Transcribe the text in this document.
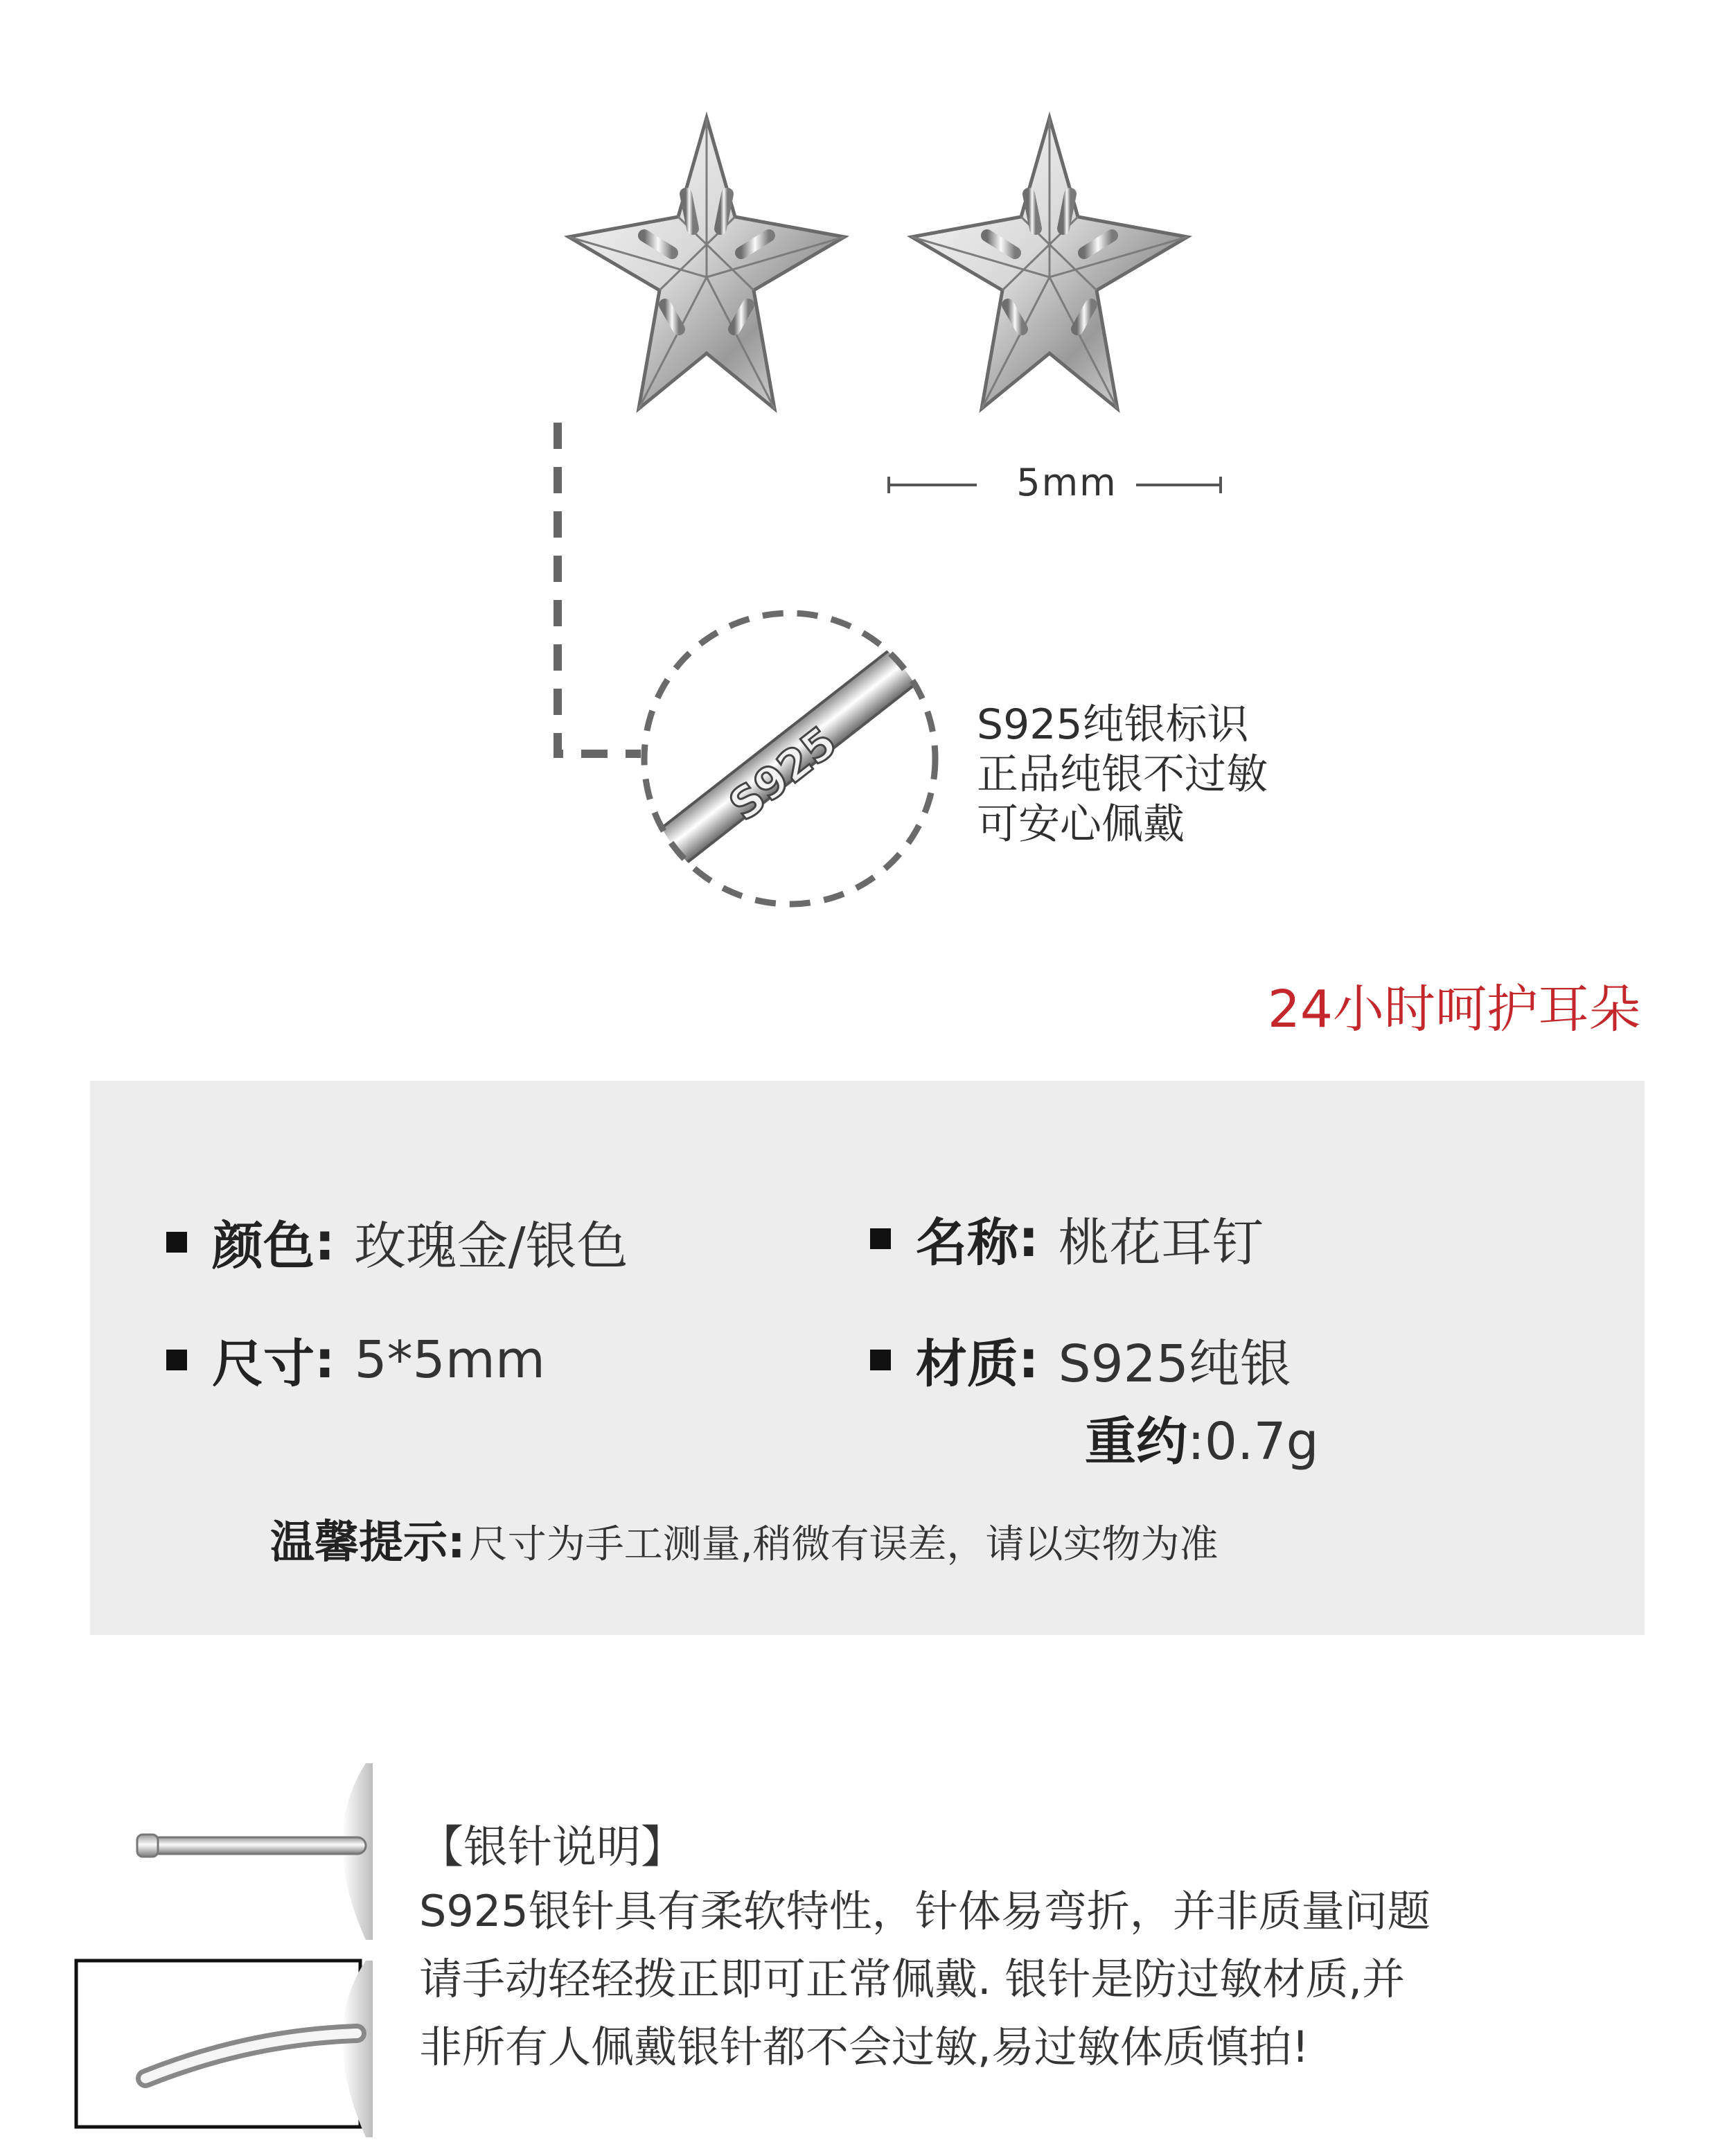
S925
5mm
S925纯银标识
正品纯银不过敏
可安心佩戴
24小时呵护耳朵
颜色 : 玫瑰金/银色	名称 : 桃花耳钉
尺寸 : 5*5mm	材质 : S925纯银
重约:0.7g
温馨提示: 尺寸为手工测量,稍微有误差，请以实物为准
【银针说明】
S925银针具有柔软特性，针体易弯折，并非质量问题
请手动轻轻拨正即可正常佩戴. 银针是防过敏材质,并
非所有人佩戴银针都不会过敏,易过敏体质慎拍!
